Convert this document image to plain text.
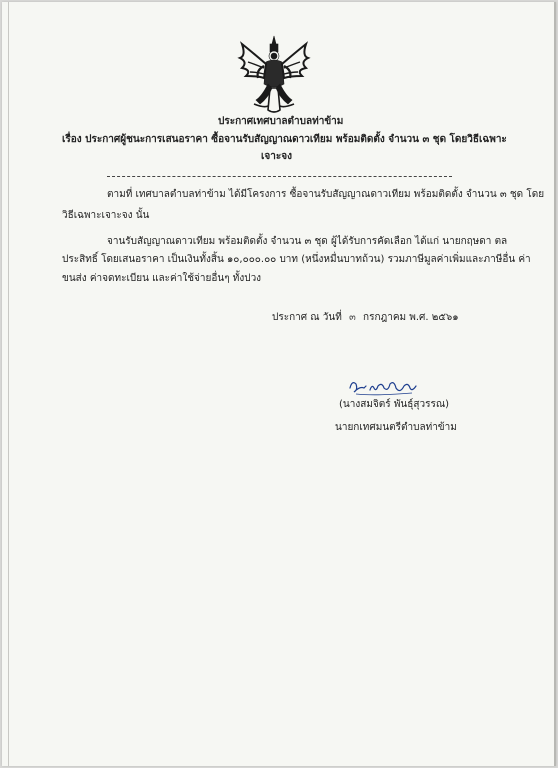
ประกาศเทศบาลตำบลท่าข้าม
เรื่อง ประกาศผู้ชนะการเสนอราคา ซื้อจานรับสัญญาณดาวเทียม พร้อมติดตั้ง จำนวน ๓ ชุด โดยวิธีเฉพาะ
เจาะจง
ตามที่ เทศบาลตำบลท่าข้าม ได้มีโครงการ ซื้อจานรับสัญญาณดาวเทียม พร้อมติดตั้ง จำนวน ๓ ชุด โดย
วิธีเฉพาะเจาะจง นั้น
จานรับสัญญาณดาวเทียม พร้อมติดตั้ง จำนวน ๓ ชุด ผู้ได้รับการคัดเลือก ได้แก่ นายกฤษดา ตล
ประสิทธิ์ โดยเสนอราคา เป็นเงินทั้งสิ้น ๑๐,๐๐๐.๐๐ บาท (หนึ่งหมื่นบาทถ้วน) รวมภาษีมูลค่าเพิ่มและภาษีอื่น ค่า
ขนส่ง ค่าจดทะเบียน และค่าใช้จ่ายอื่นๆ ทั้งปวง
ประกาศ ณ วันที่ ๓ กรกฎาคม พ.ศ. ๒๕๖๑
(นางสมจิตร์ พันธุ์สุวรรณ)
นายกเทศมนตรีตำบลท่าข้าม
